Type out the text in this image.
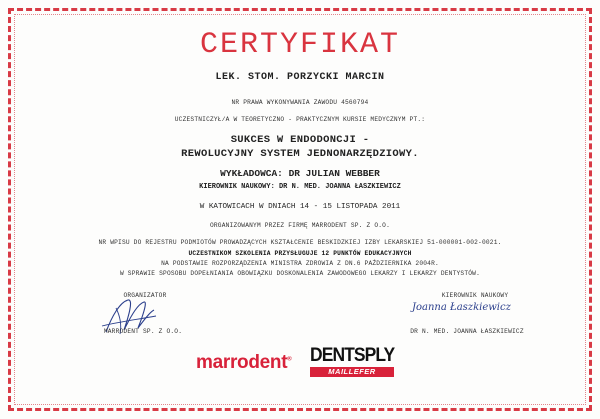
CERTYFIKAT
LEK. STOM. PORZYCKI MARCIN
NR PRAWA WYKONYWANIA ZAWODU 4560794
UCZESTNICZYŁ/A W TEORETYCZNO - PRAKTYCZNYM KURSIE MEDYCZNYM PT.:
SUKCES W ENDODONCJI -
REWOLUCYJNY SYSTEM JEDNONARZĘDZIOWY.
WYKŁADOWCA: DR JULIAN WEBBER
KIEROWNIK NAUKOWY: DR N. MED. JOANNA ŁASZKIEWICZ
W KATOWICACH W DNIACH 14 - 15 LISTOPADA 2011
ORGANIZOWANYM PRZEZ FIRMĘ MARRODENT SP. Z O.O.
NR WPISU DO REJESTRU PODMIOTÓW PROWADZĄCYCH KSZTAŁCENIE BESKIDZKIEJ IZBY LEKARSKIEJ 51-000001-002-0021.
UCZESTNIKOM SZKOLENIA PRZYSŁUGUJE 12 PUNKTÓW EDUKACYJNYCH
NA PODSTAWIE ROZPORZĄDZENIA MINISTRA ZDROWIA Z DN.6 PAŹDZIERNIKA 2004R.
W SPRAWIE SPOSOBU DOPEŁNIANIA OBOWIĄZKU DOSKONALENIA ZAWODOWEGO LEKARZY I LEKARZY DENTYSTÓW.
ORGANIZATOR
MARRODENT SP. Z O.O.
KIEROWNIK NAUKOWY
Joanna Łaszkiewicz
DR N. MED. JOANNA ŁASZKIEWICZ
marrodent® DENTSPLY
MAILLEFER
